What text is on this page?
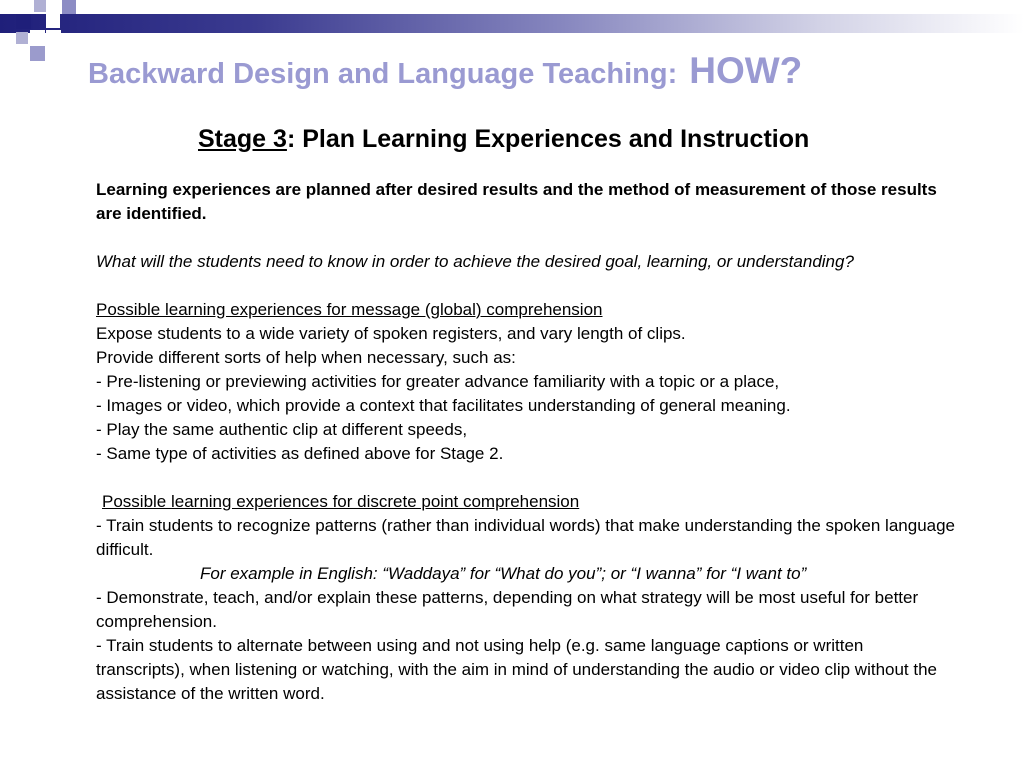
Backward Design and Language Teaching: HOW?
Stage 3: Plan Learning Experiences and Instruction

Learning experiences are planned after desired results and the method of measurement of those results are identified.

What will the students need to know in order to achieve the desired goal, learning, or understanding?

Possible learning experiences for message (global) comprehension

Expose students to a wide variety of spoken registers, and vary length of clips.

Provide different sorts of help when necessary, such as:

- Pre-listening or previewing activities for greater advance familiarity with a topic or a place,

- Images or video, which provide a context that facilitates understanding of general meaning.

- Play the same authentic clip at different speeds,

- Same type of activities as defined above for Stage 2.

Possible learning experiences for discrete point comprehension

- Train students to recognize patterns (rather than individual words) that make understanding the spoken language difficult.

For example in English: “Waddaya” for “What do you”; or “I wanna” for “I want to”

- Demonstrate, teach, and/or explain these patterns, depending on what strategy will be most useful for better comprehension.

- Train students to alternate between using and not using help (e.g. same language captions or written transcripts), when listening or watching, with the aim in mind of understanding the audio or video clip without the assistance of the written word.
